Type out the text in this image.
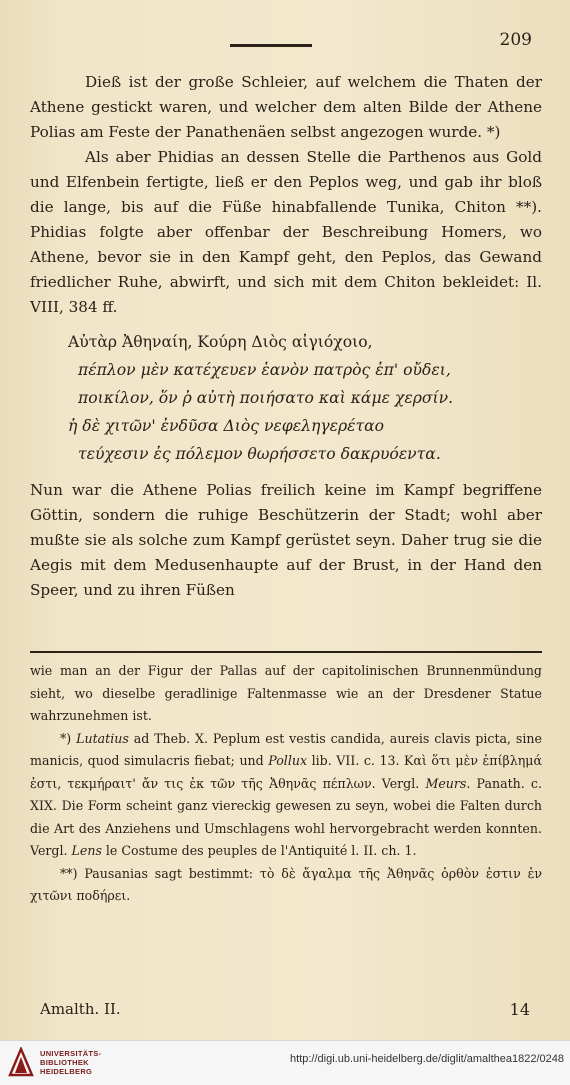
209

Dieß ist der große Schleier, auf welchem die Thaten der Athene gestickt waren, und welcher dem alten Bilde der Athene Polias am Feste der Panathenäen selbst angezogen wurde. *)

Als aber Phidias an dessen Stelle die Parthenos aus Gold und Elfenbein fertigte, ließ er den Peplos weg, und gab ihr bloß die lange, bis auf die Füße hinabfallende Tunika, Chiton **). Phidias folgte aber offenbar der Beschreibung Homers, wo Athene, bevor sie in den Kampf geht, den Peplos, das Gewand friedlicher Ruhe, abwirft, und sich mit dem Chiton bekleidet: Il. VIII, 384 ff.

Αὐτὰρ Ἀθηναίη, Κούρη Διὸς αἰγιόχοιο,
πέπλον μὲν κατέχευεν ἑανὸν πατρὸς ἐπ' οὔδει,
ποικίλον, ὅν ῥ αὐτὴ ποιήσατο καὶ κάμε χερσίν.
ἡ δὲ χιτῶν' ἐνδῦσα Διὸς νεφεληγερέταο
τεύχεσιν ἐς πόλεμον θωρήσσετο δακρυόεντα.

Nun war die Athene Polias freilich keine im Kampf begriffene Göttin, sondern die ruhige Beschützerin der Stadt; wohl aber mußte sie als solche zum Kampf gerüstet seyn. Daher trug sie die Aegis mit dem Medusenhaupte auf der Brust, in der Hand den Speer, und zu ihren Füßen

wie man an der Figur der Pallas auf der capitolinischen Brunnenmündung sieht, wo dieselbe geradlinige Faltenmasse wie an der Dresdener Statue wahrzunehmen ist.

*) Lutatius ad Theb. X. Peplum est vestis candida, aureis clavis picta, sine manicis, quod simulacris fiebat; und Pollux lib. VII. c. 13. Καὶ ὅτι μὲν ἐπίβλημά ἐστι, τεκμήραιτ' ἄν τις ἐκ τῶν τῆς Ἀθηνᾶς πέπλων. Vergl. Meurs. Panath. c. XIX. Die Form scheint ganz viereckig gewesen zu seyn, wobei die Falten durch die Art des Anziehens und Umschlagens wohl hervorgebracht werden konnten. Vergl. Lens le Costume des peuples de l'Antiquité l. II. ch. 1.

**) Pausanias sagt bestimmt: τὸ δὲ ἄγαλμα τῆς Ἀθηνᾶς ὀρθὸν ἐστιν ἐν χιτῶνι ποδήρει.

Amalth. II.	14
UNIVERSITÄTS-
BIBLIOTHEK
HEIDELBERG
http://digi.ub.uni-heidelberg.de/diglit/amalthea1822/0248
